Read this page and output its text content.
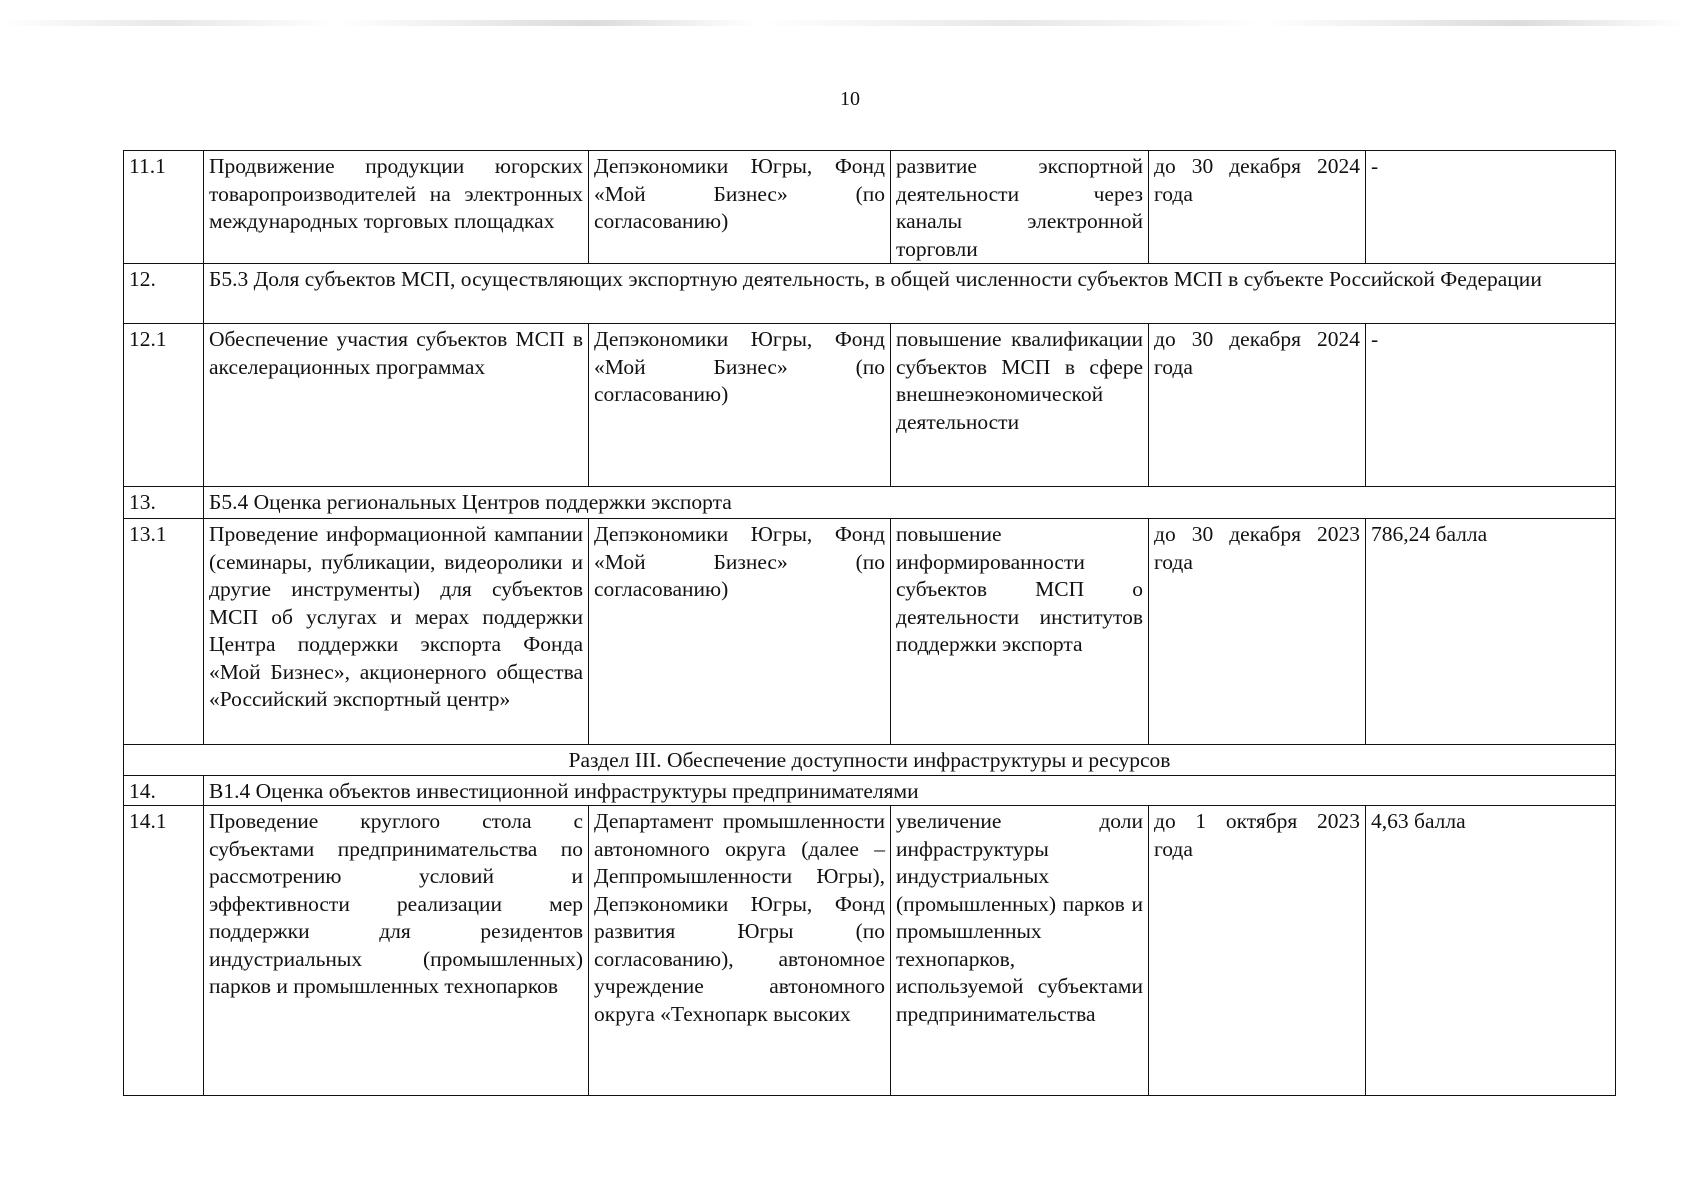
10
11.1	Продвижение продукции югорских товаропроизводителей на электронных международных торговых площадках	Депэкономики Югры, Фонд «Мой Бизнес» (по согласованию)	развитие экспортной деятельности через каналы электронной торговли	до 30 декабря 2024 года	-
12.	Б5.3 Доля субъектов МСП, осуществляющих экспортную деятельность, в общей численности субъектов МСП в субъекте Российской Федерации				
12.1	Обеспечение участия субъектов МСП в акселерационных программах	Депэкономики Югры, Фонд «Мой Бизнес» (по согласованию)	повышение квалификации субъектов МСП в сфере внешнеэкономической деятельности	до 30 декабря 2024 года	-
13.	Б5.4 Оценка региональных Центров поддержки экспорта				
13.1	Проведение информационной кампании (семинары, публикации, видеоролики и другие инструменты) для субъектов МСП об услугах и мерах поддержки Центра поддержки экспорта Фонда «Мой Бизнес», акционерного общества «Российский экспортный центр»	Депэкономики Югры, Фонд «Мой Бизнес» (по согласованию)	повышение информированности субъектов МСП о деятельности институтов поддержки экспорта	до 30 декабря 2023 года	786,24 балла
Раздел III. Обеспечение доступности инфраструктуры и ресурсов					
14.	В1.4 Оценка объектов инвестиционной инфраструктуры предпринимателями				
14.1	Проведение круглого стола с субъектами предпринимательства по рассмотрению условий и эффективности реализации мер поддержки для резидентов индустриальных (промышленных) парков и промышленных технопарков	Департамент промышленности автономного округа (далее – Деппромышленности Югры), Депэкономики Югры, Фонд развития Югры (по согласованию), автономное учреждение автономного округа «Технопарк высоких	увеличение доли инфраструктуры индустриальных (промышленных) парков и промышленных технопарков, используемой субъектами предпринимательства	до 1 октября 2023 года	4,63 балла
